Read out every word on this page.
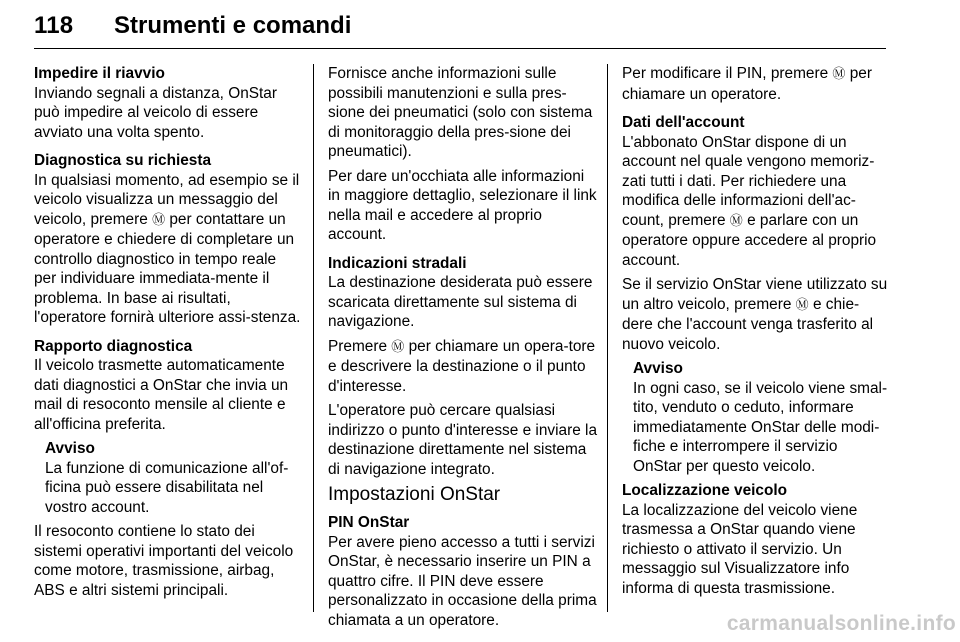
118 Strumenti e comandi
Impedire il riavvio
Inviando segnali a distanza, OnStar
può impedire al veicolo di essere
avviato una volta spento.
Diagnostica su richiesta
In qualsiasi momento, ad esempio se il veicolo visualizza un messaggio del veicolo, premere Ⓜ per contattare un operatore e chiedere di completare un controllo diagnostico in tempo reale per individuare immediata-mente il problema. In base ai risultati, l'operatore fornirà ulteriore assi-stenza.
Rapporto diagnostica
Il veicolo trasmette automaticamente dati diagnostici a OnStar che invia un mail di resoconto mensile al cliente e all'officina preferita.
Avviso
La funzione di comunicazione all'of-ficina può essere disabilitata nel vostro account.
Il resoconto contiene lo stato dei sistemi operativi importanti del veicolo come motore, trasmissione, airbag, ABS e altri sistemi principali.
Fornisce anche informazioni sulle possibili manutenzioni e sulla pres-sione dei pneumatici (solo con sistema di monitoraggio della pres-sione dei pneumatici).
Per dare un'occhiata alle informazioni in maggiore dettaglio, selezionare il link nella mail e accedere al proprio account.
Indicazioni stradali
La destinazione desiderata può essere scaricata direttamente sul sistema di navigazione.
Premere Ⓜ per chiamare un opera-tore e descrivere la destinazione o il punto d'interesse.
L'operatore può cercare qualsiasi indirizzo o punto d'interesse e inviare la destinazione direttamente nel sistema di navigazione integrato.
Impostazioni OnStar
PIN OnStar
Per avere pieno accesso a tutti i servizi OnStar, è necessario inserire un PIN a quattro cifre. Il PIN deve essere personalizzato in occasione della prima chiamata a un operatore.
Per modificare il PIN, premere Ⓜ per chiamare un operatore.
Dati dell'account
L'abbonato OnStar dispone di un account nel quale vengono memoriz-zati tutti i dati. Per richiedere una modifica delle informazioni dell'ac-count, premere Ⓜ e parlare con un operatore oppure accedere al proprio account.
Se il servizio OnStar viene utilizzato su un altro veicolo, premere Ⓜ e chie-dere che l'account venga trasferito al nuovo veicolo.
Avviso
In ogni caso, se il veicolo viene smal-tito, venduto o ceduto, informare immediatamente OnStar delle modi-fiche e interrompere il servizio OnStar per questo veicolo.
Localizzazione veicolo
La localizzazione del veicolo viene trasmessa a OnStar quando viene richiesto o attivato il servizio. Un messaggio sul Visualizzatore info informa di questa trasmissione.
carmanualsonline.info
